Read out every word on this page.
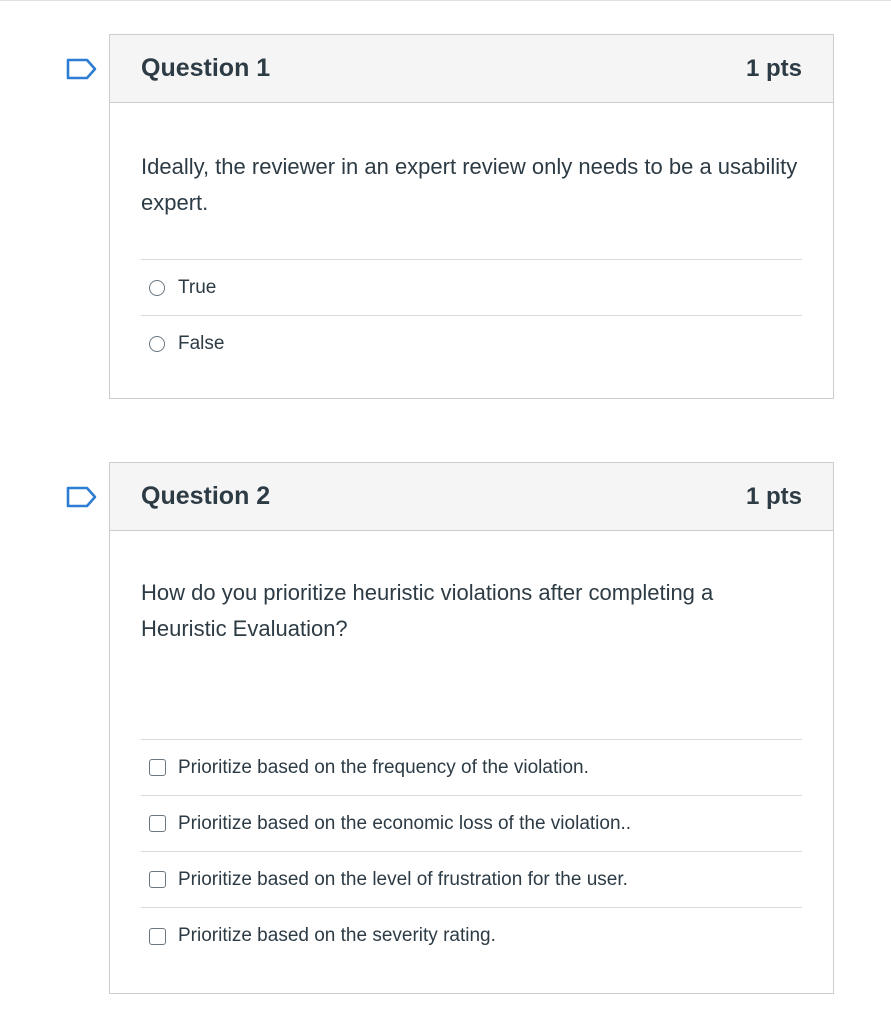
Question 1	1 pts

Ideally, the reviewer in an expert review only needs to be a usability expert.

True
False
Question 2	1 pts

How do you prioritize heuristic violations after completing a Heuristic Evaluation?

Prioritize based on the frequency of the violation.
Prioritize based on the economic loss of the violation..
Prioritize based on the level of frustration for the user.
Prioritize based on the severity rating.
